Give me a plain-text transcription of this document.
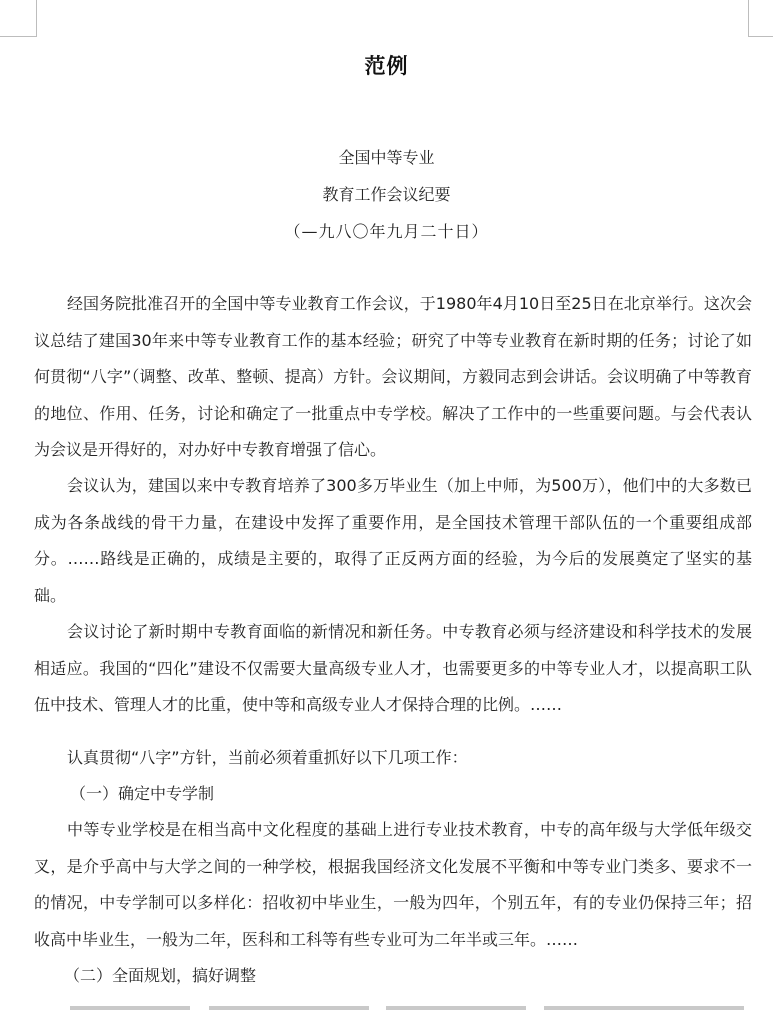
范例
全国中等专业
教育工作会议纪要
（—九八〇年九月二十日）

经国务院批准召开的全国中等专业教育工作会议，于1980年4月10日至25日在北京举行。这次会议总结了建国30年来中等专业教育工作的基本经验；研究了中等专业教育在新时期的任务；讨论了如何贯彻“八字”（调整、改革、整顿、提高）方针。会议期间，方毅同志到会讲话。会议明确了中等教育的地位、作用、任务，讨论和确定了一批重点中专学校。解决了工作中的一些重要问题。与会代表认为会议是开得好的，对办好中专教育增强了信心。

会议认为，建国以来中专教育培养了300多万毕业生（加上中师，为500万），他们中的大多数已成为各条战线的骨干力量，在建设中发挥了重要作用，是全国技术管理干部队伍的一个重要组成部分。……路线是正确的，成绩是主要的，取得了正反两方面的经验，为今后的发展奠定了坚实的基础。

会议讨论了新时期中专教育面临的新情况和新任务。中专教育必须与经济建设和科学技术的发展相适应。我国的“四化”建设不仅需要大量高级专业人才，也需要更多的中等专业人才，以提高职工队伍中技术、管理人才的比重，使中等和高级专业人才保持合理的比例。……

认真贯彻“八字”方针，当前必须着重抓好以下几项工作：

（一）确定中专学制

中等专业学校是在相当高中文化程度的基础上进行专业技术教育，中专的高年级与大学低年级交叉，是介乎高中与大学之间的一种学校，根据我国经济文化发展不平衡和中等专业门类多、要求不一的情况，中专学制可以多样化：招收初中毕业生，一般为四年，个别五年，有的专业仍保持三年；招收高中毕业生，一般为二年，医科和工科等有些专业可为二年半或三年。……

（二）全面规划，搞好调整
